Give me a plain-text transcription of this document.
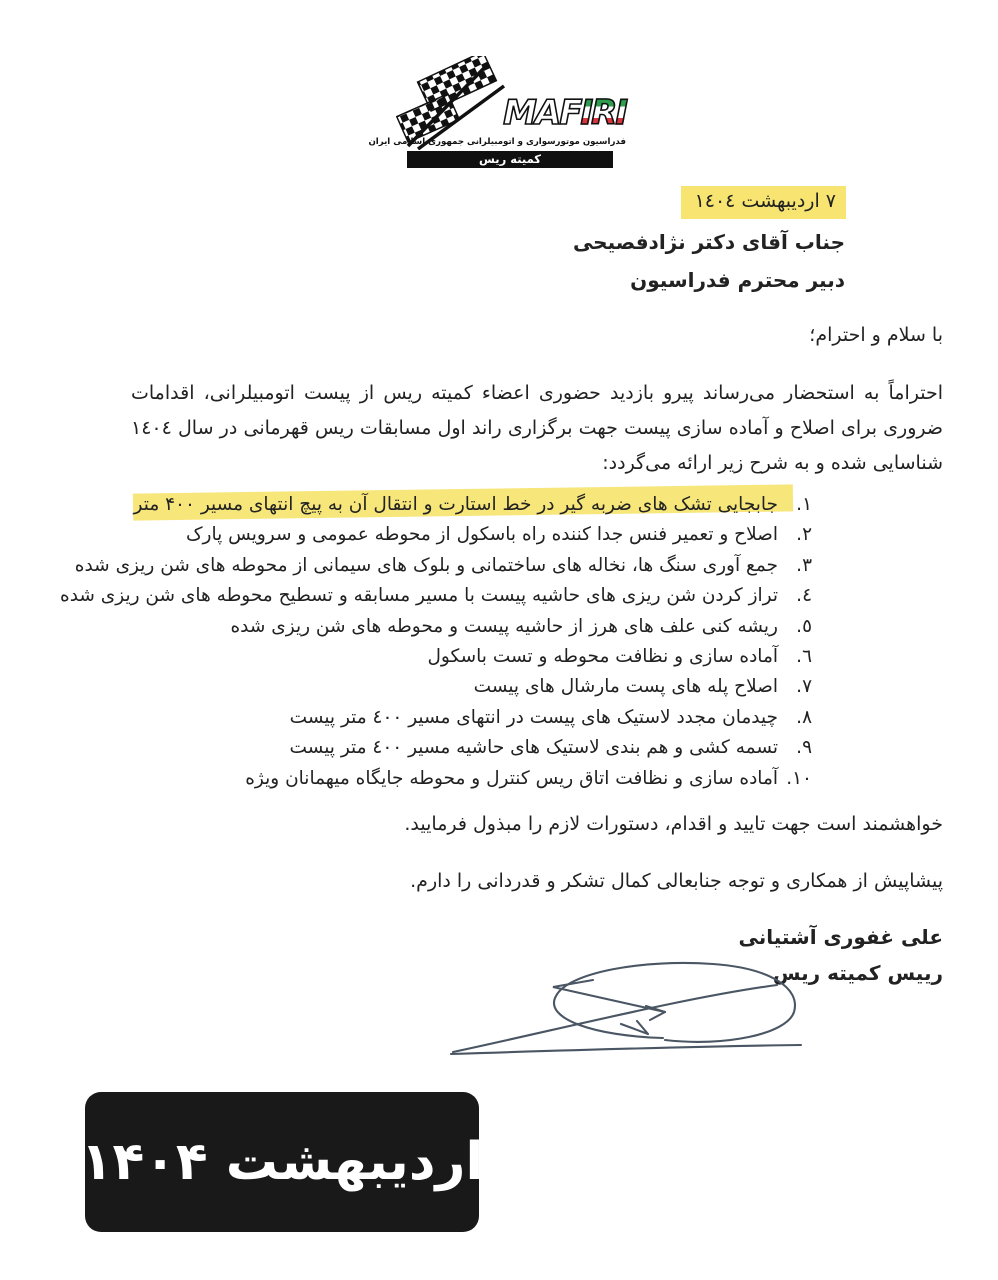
MAFIRI
فدراسیون موتورسواری و اتومبیلرانی جمهوری اسلامی ایران
کمیته ریس
٧ اردیبهشت ١٤٠٤
جناب آقای دکتر نژادفصیحی
دبیر محترم فدراسیون
با سلام و احترام؛
احتراماً به استحضار می‌رساند پیرو بازدید حضوری اعضاء کمیته ریس از پیست اتومبیلرانی، اقدامات ضروری برای اصلاح و آماده سازی پیست جهت برگزاری راند اول مسابقات ریس قهرمانی در سال ١٤٠٤ شناسایی شده و به شرح زیر ارائه می‌گردد:
١.
جابجایی تشک های ضربه گیر در خط استارت و انتقال آن به پیچ انتهای مسیر ۴۰۰ متر
٢.
اصلاح و تعمیر فنس جدا کننده راه باسکول از محوطه عمومی و سرویس پارک
٣.
جمع آوری سنگ ها، نخاله های ساختمانی و بلوک های سیمانی از محوطه های شن ریزی شده
٤.
تراز کردن شن ریزی های حاشیه پیست با مسیر مسابقه و تسطیح محوطه های شن ریزی شده
٥.
ریشه کنی علف های هرز از حاشیه پیست و محوطه های شن ریزی شده
٦.
آماده سازی و نظافت محوطه و تست باسکول
٧.
اصلاح پله های پست مارشال های پیست
٨.
چیدمان مجدد لاستیک های پیست در انتهای مسیر ٤٠٠ متر پیست
٩.
تسمه کشی و هم بندی لاستیک های حاشیه مسیر ٤٠٠ متر پیست
١٠.
آماده سازی و نظافت اتاق ریس کنترل و محوطه جایگاه میهمانان ویژه
خواهشمند است جهت تایید و اقدام، دستورات لازم را مبذول فرمایید.
پیشاپیش از همکاری و توجه جنابعالی کمال تشکر و قدردانی را دارم.
علی غفوری آشتیانی
رییس کمیته ریس
اردیبهشت ۱۴۰۴
